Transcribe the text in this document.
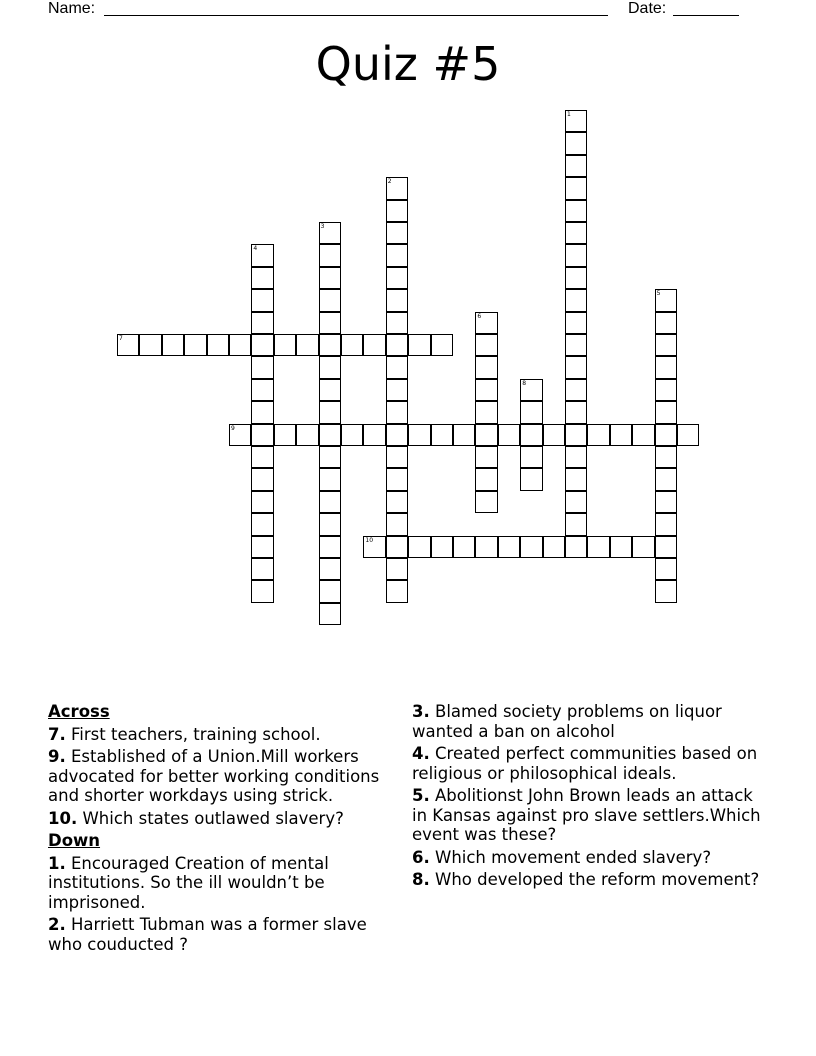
Name:	Date:
Quiz #5
1
2
3
4
5
6
7
8
9
10
Across
7. First teachers, training school.
9. Established of a Union.Mill workers advocated for better working conditions and shorter workdays using strick.
10. Which states outlawed slavery?
Down
1. Encouraged Creation of mental institutions. So the ill wouldn’t be imprisoned.
2. Harriett Tubman was a former slave who couducted ?
3. Blamed society problems on liquor wanted a ban on alcohol
4. Created perfect communities based on religious or philosophical ideals.
5. Abolitionst John Brown leads an attack in Kansas against pro slave settlers.Which event was these?
6. Which movement ended slavery?
8. Who developed the reform movement?
